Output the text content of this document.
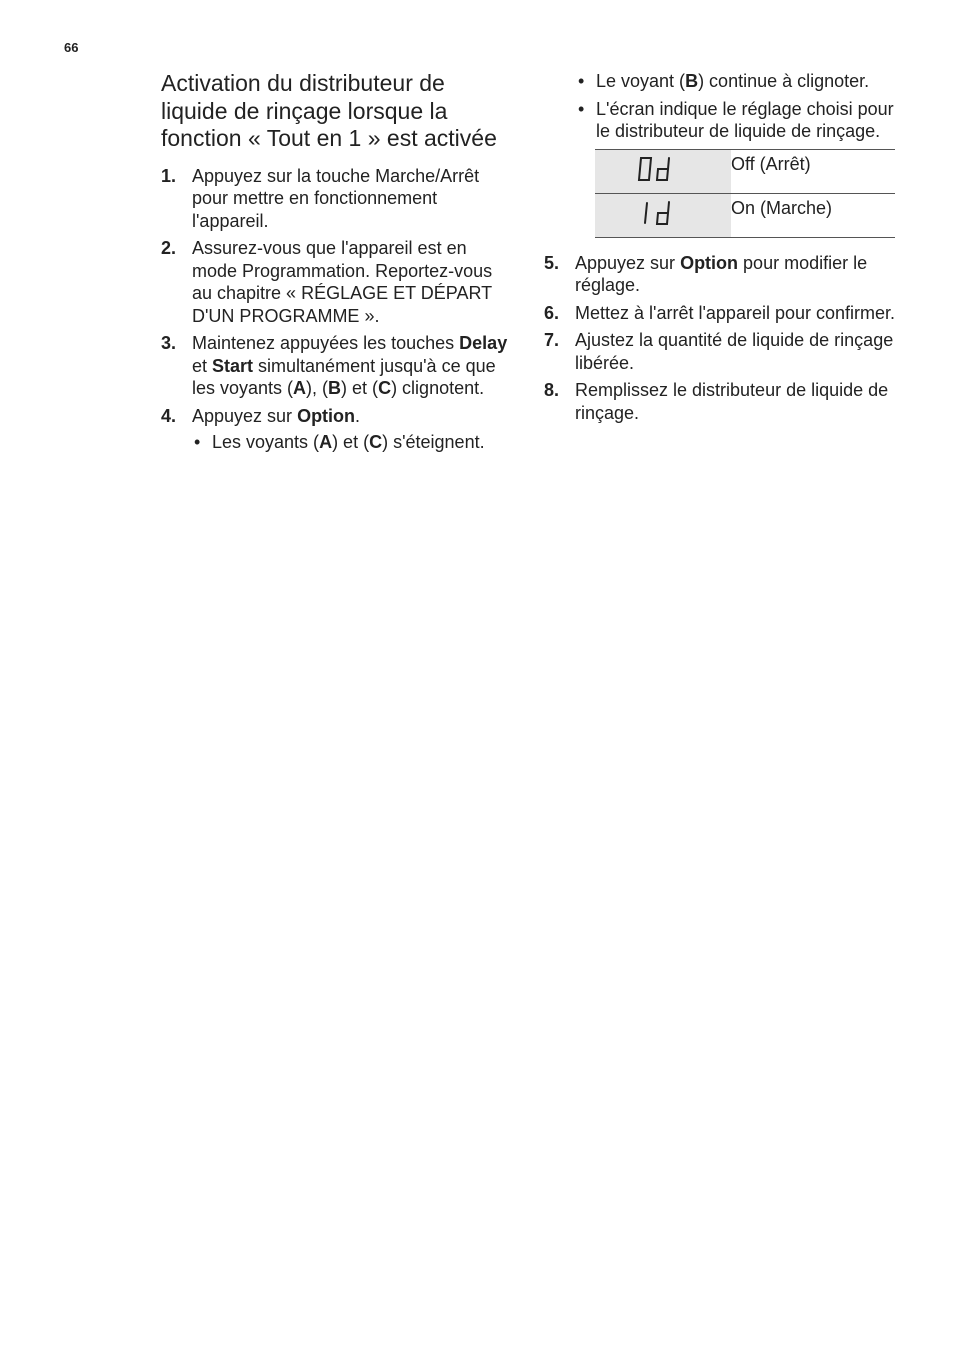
66
Activation du distributeur de liquide de rinçage lorsque la fonction « Tout en 1 » est activée
1. Appuyez sur la touche Marche/Arrêt pour mettre en fonctionnement l'appareil.
2. Assurez-vous que l'appareil est en mode Programmation. Reportez-vous au chapitre « RÉGLAGE ET DÉPART D'UN PROGRAMME ».
3. Maintenez appuyées les touches Delay et Start simultanément jusqu'à ce que les voyants (A), (B) et (C) clignotent.
4. Appuyez sur Option.
• Les voyants (A) et (C) s'éteignent.
• Le voyant (B) continue à clignoter.
• L'écran indique le réglage choisi pour le distributeur de liquide de rinçage.
	Off (Arrêt)

	On (Marche)
5. Appuyez sur Option pour modifier le réglage.
6. Mettez à l'arrêt l'appareil pour confirmer.
7. Ajustez la quantité de liquide de rinçage libérée.
8. Remplissez le distributeur de liquide de rinçage.
